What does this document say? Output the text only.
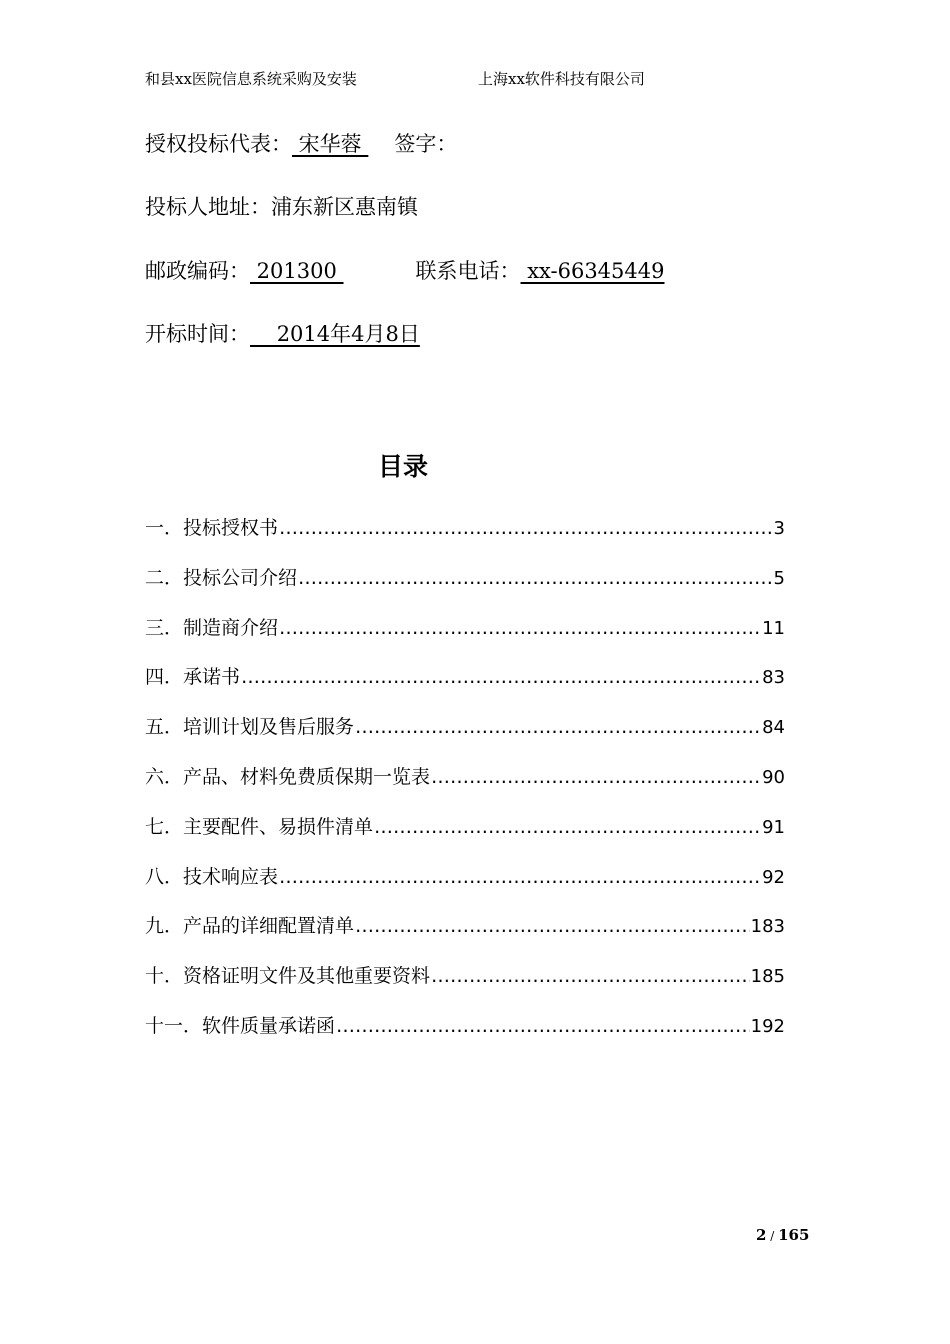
和县xx医院信息系统采购及安装	上海xx软件科技有限公司
授权投标代表： 宋华蓉 签字：
投标人地址：浦东新区惠南镇
邮政编码： 201300	联系电话： xx-66345449
开标时间：    2014年4月8日
目录
一． 投标授权书 ……………………………………………………………………………………………………………………	3
二． 投标公司介绍 ……………………………………………………………………………………………………………………	5
三． 制造商介绍 ……………………………………………………………………………………………………………………	11
四． 承诺书 ……………………………………………………………………………………………………………………	83
五． 培训计划及售后服务 ……………………………………………………………………………………………………………………	84
六． 产品、材料免费质保期一览表 ……………………………………………………………………………………………………………………	90
七． 主要配件、易损件清单 ……………………………………………………………………………………………………………………	91
八． 技术响应表 ……………………………………………………………………………………………………………………	92
九． 产品的详细配置清单 ……………………………………………………………………………………………………………………	183
十． 资格证明文件及其他重要资料 ……………………………………………………………………………………………………………………	185
十一． 软件质量承诺函 ……………………………………………………………………………………………………………………	192
2 / 165
